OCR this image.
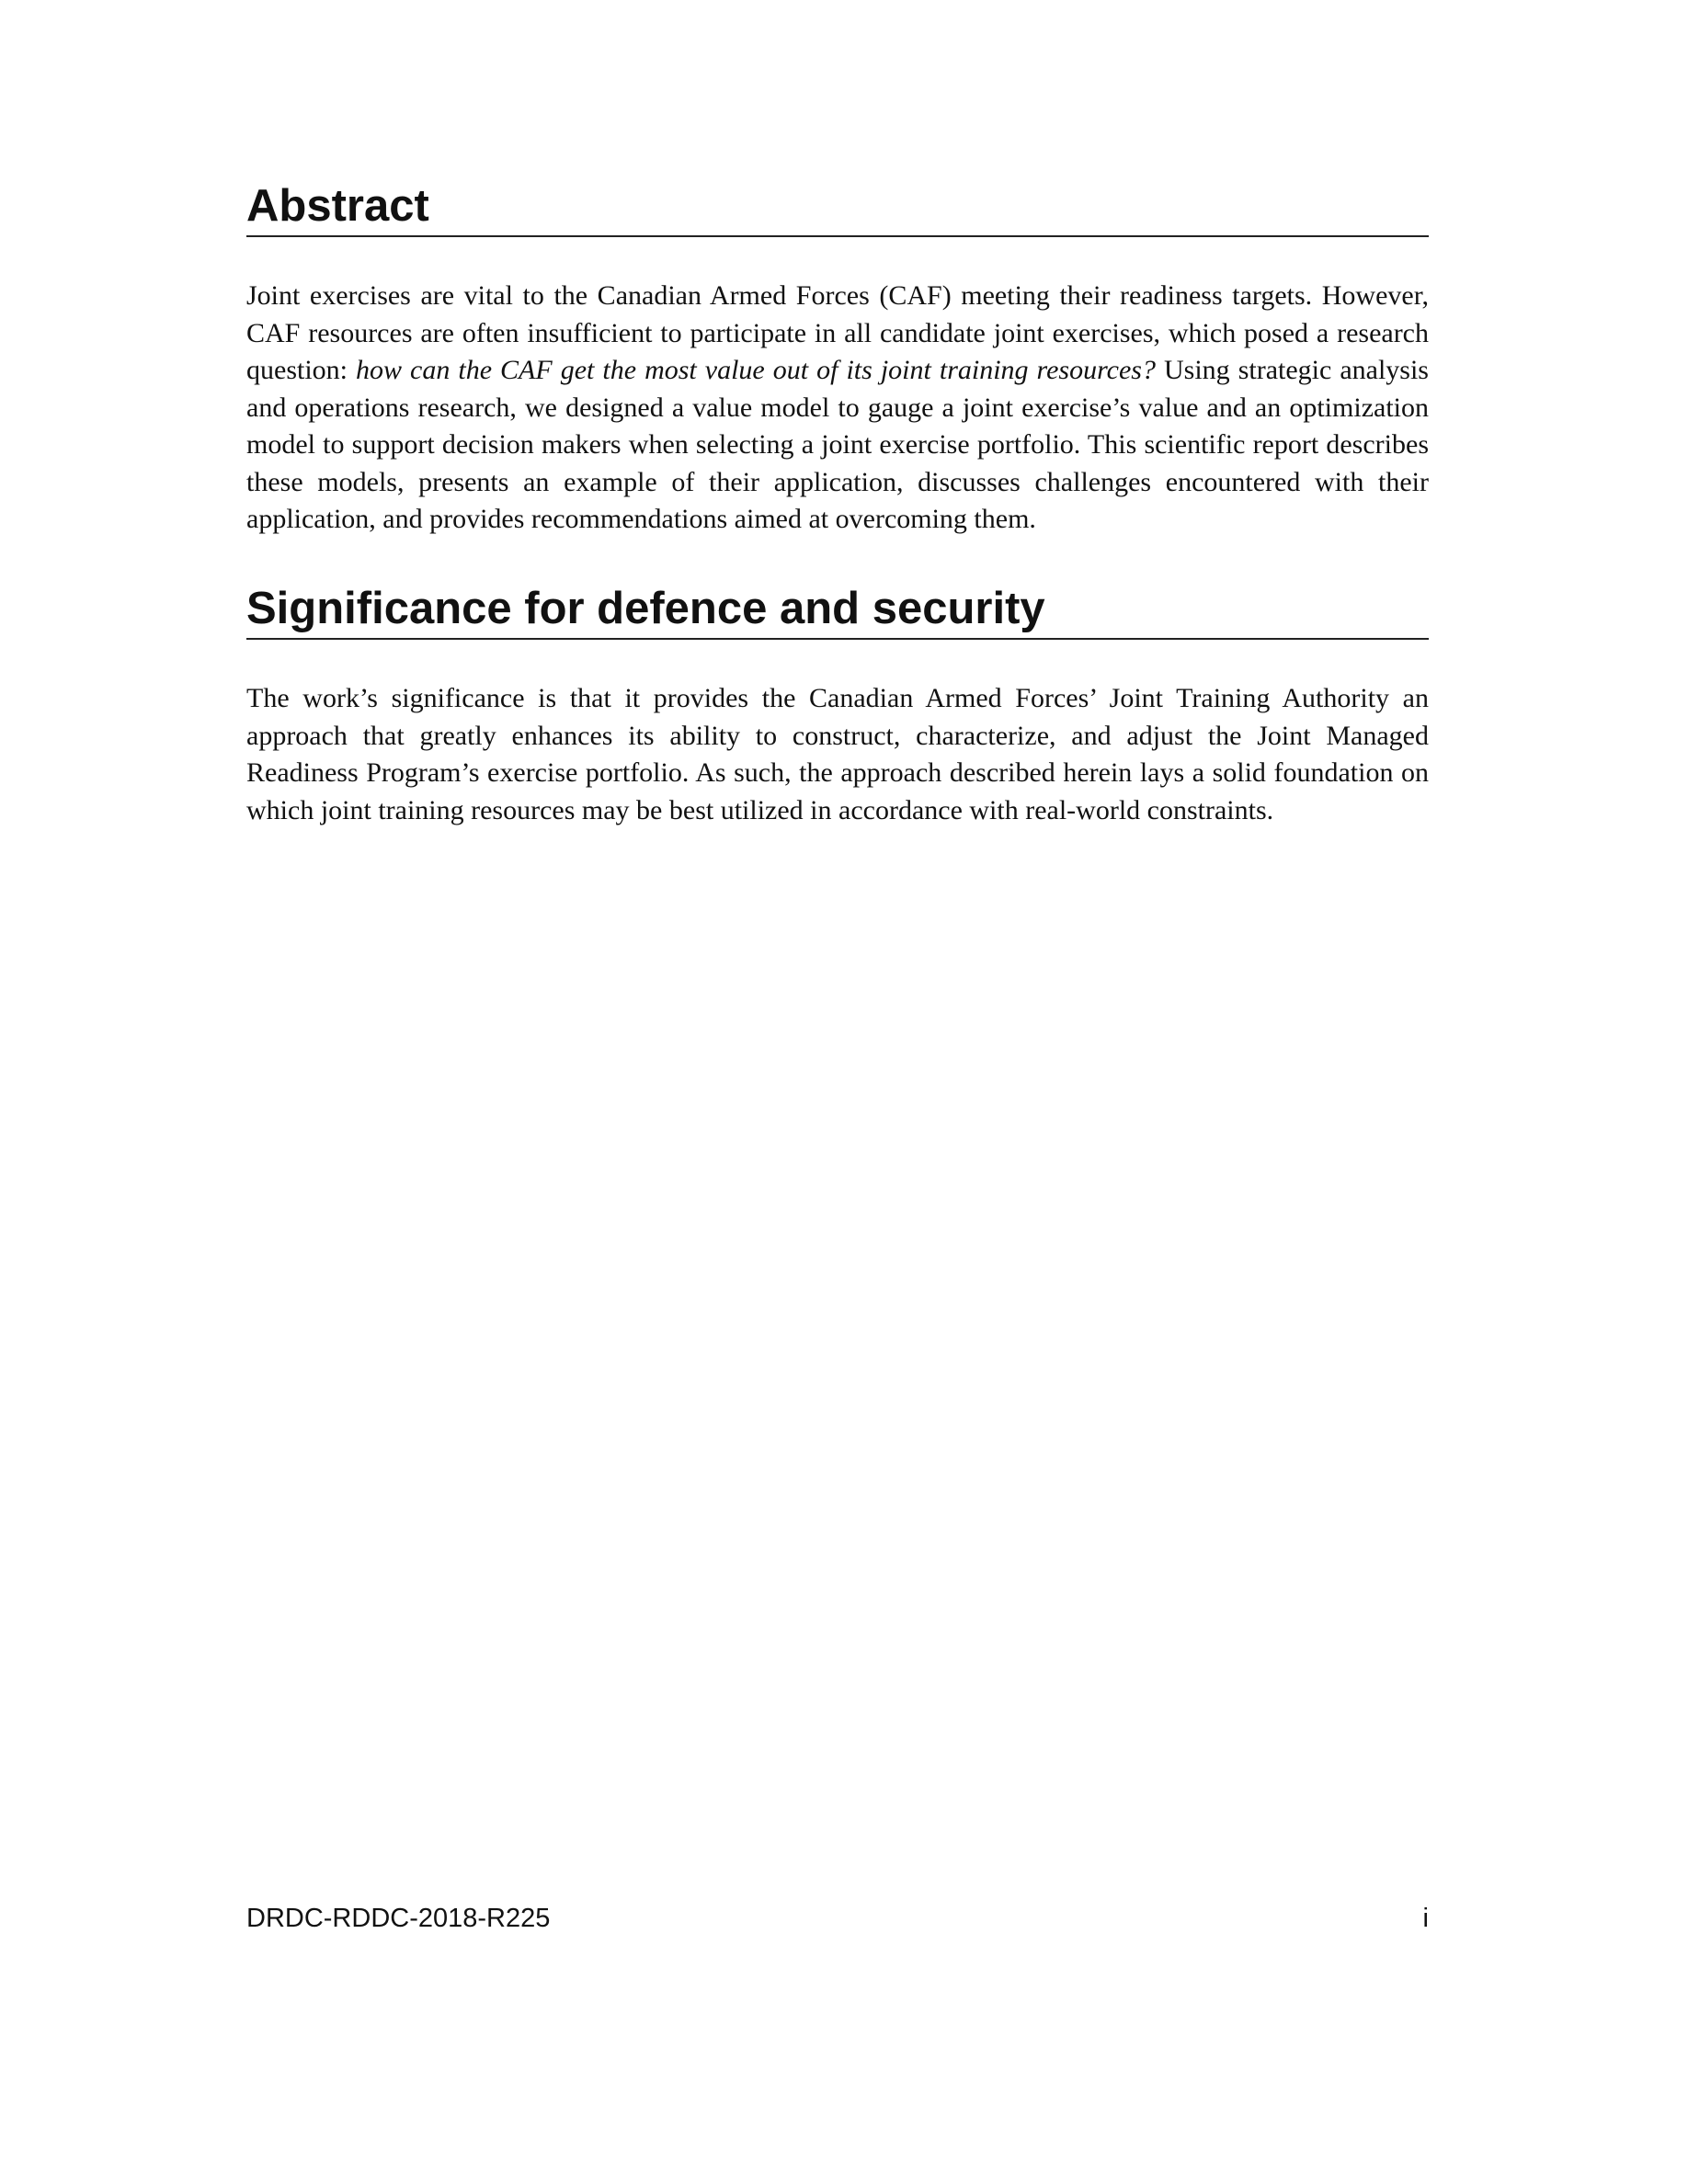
Abstract

Joint exercises are vital to the Canadian Armed Forces (CAF) meeting their readiness targets. However, CAF resources are often insufficient to participate in all candidate joint exercises, which posed a research question: how can the CAF get the most value out of its joint training resources? Using strategic analysis and operations research, we designed a value model to gauge a joint exercise’s value and an optimization model to support decision makers when selecting a joint exercise portfolio. This scientific report describes these models, presents an example of their application, discusses challenges encountered with their application, and provides recommendations aimed at overcoming them.

Significance for defence and security

The work’s significance is that it provides the Canadian Armed Forces’ Joint Training Authority an approach that greatly enhances its ability to construct, characterize, and adjust the Joint Managed Readiness Program’s exercise portfolio. As such, the approach described herein lays a solid foundation on which joint training resources may be best utilized in accordance with real-world constraints.

DRDC-RDDC-2018-R225	i
